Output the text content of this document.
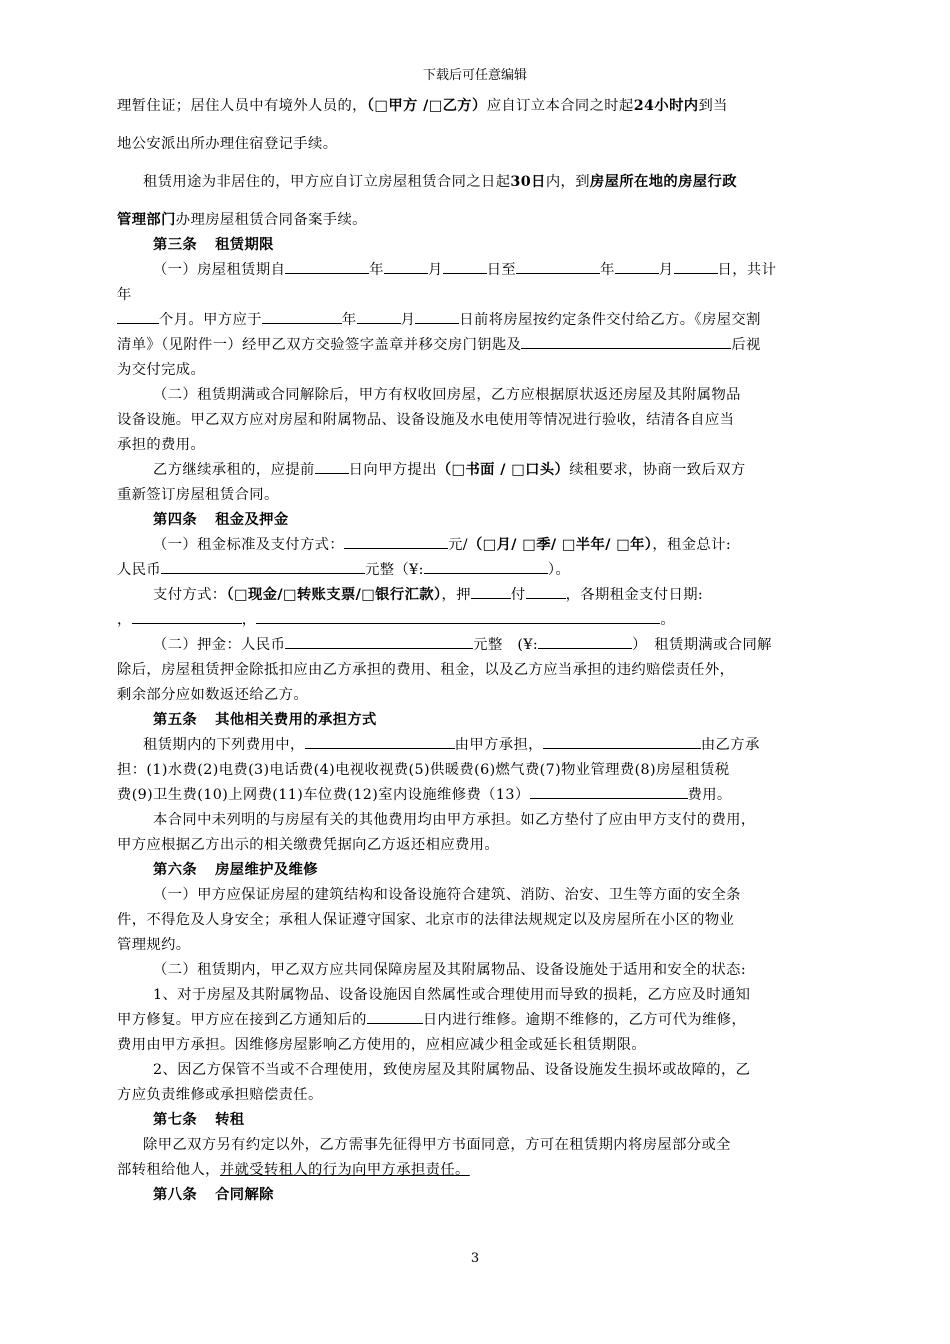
下载后可任意编辑
理暂住证；居住人员中有境外人员的，（□甲方 /□乙方）应自订立本合同之时起24小时内到当
地公安派出所办理住宿登记手续。
租赁用途为非居住的，甲方应自订立房屋租赁合同之日起30日内，到房屋所在地的房屋行政
管理部门办理房屋租赁合同备案手续。
第三条 租赁期限
（一）房屋租赁期自	年	月	日至	年	月	日，共计
年
个月。甲方应于	年	月	日前将房屋按约定条件交付给乙方。《房屋交割
清单》（见附件一）经甲乙双方交验签字盖章并移交房门钥匙及	后视
为交付完成。
（二）租赁期满或合同解除后，甲方有权收回房屋，乙方应根据原状返还房屋及其附属物品
设备设施。甲乙双方应对房屋和附属物品、设备设施及水电使用等情况进行验收，结清各自应当
承担的费用。
乙方继续承租的，应提前 日向甲方提出（□书面 / □口头）续租要求，协商一致后双方
重新签订房屋租赁合同。
第四条 租金及押金
（一）租金标准及支付方式：	元/（□月/ □季/ □半年/ □年），租金总计:
人民币	元整（¥:	）。
支付方式：（□现金/□转账支票/□银行汇款），押	付	，各期租金支付日期:
，	，	。
（二）押金：人民币	元整　(¥:	）　租赁期满或合同解
除后，房屋租赁押金除抵扣应由乙方承担的费用、租金，以及乙方应当承担的违约赔偿责任外，
剩余部分应如数返还给乙方。
第五条 其他相关费用的承担方式
租赁期内的下列费用中，	由甲方承担，	由乙方承
担：(1)水费(2)电费(3)电话费(4)电视收视费(5)供暖费(6)燃气费(7)物业管理费(8)房屋租赁税
费(9)卫生费(10)上网费(11)车位费(12)室内设施维修费（13）	费用。
本合同中未列明的与房屋有关的其他费用均由甲方承担。如乙方垫付了应由甲方支付的费用，
甲方应根据乙方出示的相关缴费凭据向乙方返还相应费用。
第六条 房屋维护及维修
（一）甲方应保证房屋的建筑结构和设备设施符合建筑、消防、治安、卫生等方面的安全条
件，不得危及人身安全；承租人保证遵守国家、北京市的法律法规规定以及房屋所在小区的物业
管理规约。
（二）租赁期内，甲乙双方应共同保障房屋及其附属物品、设备设施处于适用和安全的状态:
1、对于房屋及其附属物品、设备设施因自然属性或合理使用而导致的损耗，乙方应及时通知
甲方修复。甲方应在接到乙方通知后的	日内进行维修。逾期不维修的，乙方可代为维修，
费用由甲方承担。因维修房屋影响乙方使用的，应相应减少租金或延长租赁期限。
2、因乙方保管不当或不合理使用，致使房屋及其附属物品、设备设施发生损坏或故障的，乙
方应负责维修或承担赔偿责任。
第七条 转租
除甲乙双方另有约定以外，乙方需事先征得甲方书面同意，方可在租赁期内将房屋部分或全
部转租给他人，并就受转租人的行为向甲方承担责任。
第八条 合同解除
3
